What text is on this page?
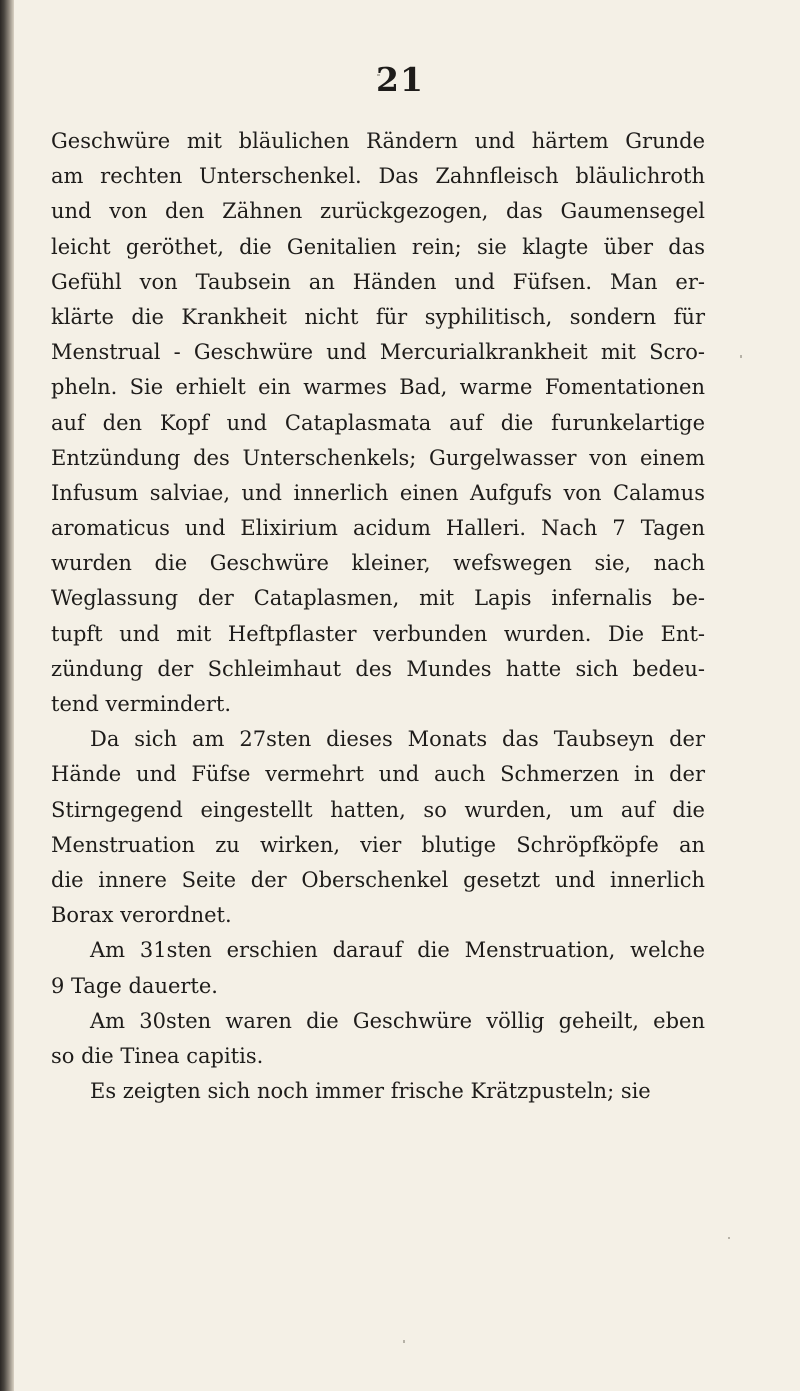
21
Geschwüre mit bläulichen Rändern und härtem Grunde
am rechten Unterschenkel. Das Zahnfleisch bläulichroth
und von den Zähnen zurückgezogen, das Gaumensegel
leicht geröthet, die Genitalien rein; sie klagte über das
Gefühl von Taubsein an Händen und Füfsen. Man er-
klärte die Krankheit nicht für syphilitisch, sondern für
Menstrual - Geschwüre und Mercurialkrankheit mit Scro-
pheln. Sie erhielt ein warmes Bad, warme Fomentationen
auf den Kopf und Cataplasmata auf die furunkelartige
Entzündung des Unterschenkels; Gurgelwasser von einem
Infusum salviae, und innerlich einen Aufgufs von Calamus
aromaticus und Elixirium acidum Halleri. Nach 7 Tagen
wurden die Geschwüre kleiner, wefswegen sie, nach
Weglassung der Cataplasmen, mit Lapis infernalis be-
tupft und mit Heftpflaster verbunden wurden. Die Ent-
zündung der Schleimhaut des Mundes hatte sich bedeu-
tend vermindert.
Da sich am 27sten dieses Monats das Taubseyn der
Hände und Füfse vermehrt und auch Schmerzen in der
Stirngegend eingestellt hatten, so wurden, um auf die
Menstruation zu wirken, vier blutige Schröpfköpfe an
die innere Seite der Oberschenkel gesetzt und innerlich
Borax verordnet.
Am 31sten erschien darauf die Menstruation, welche
9 Tage dauerte.
Am 30sten waren die Geschwüre völlig geheilt, eben
so die Tinea capitis.
Es zeigten sich noch immer frische Krätzpusteln; sie
